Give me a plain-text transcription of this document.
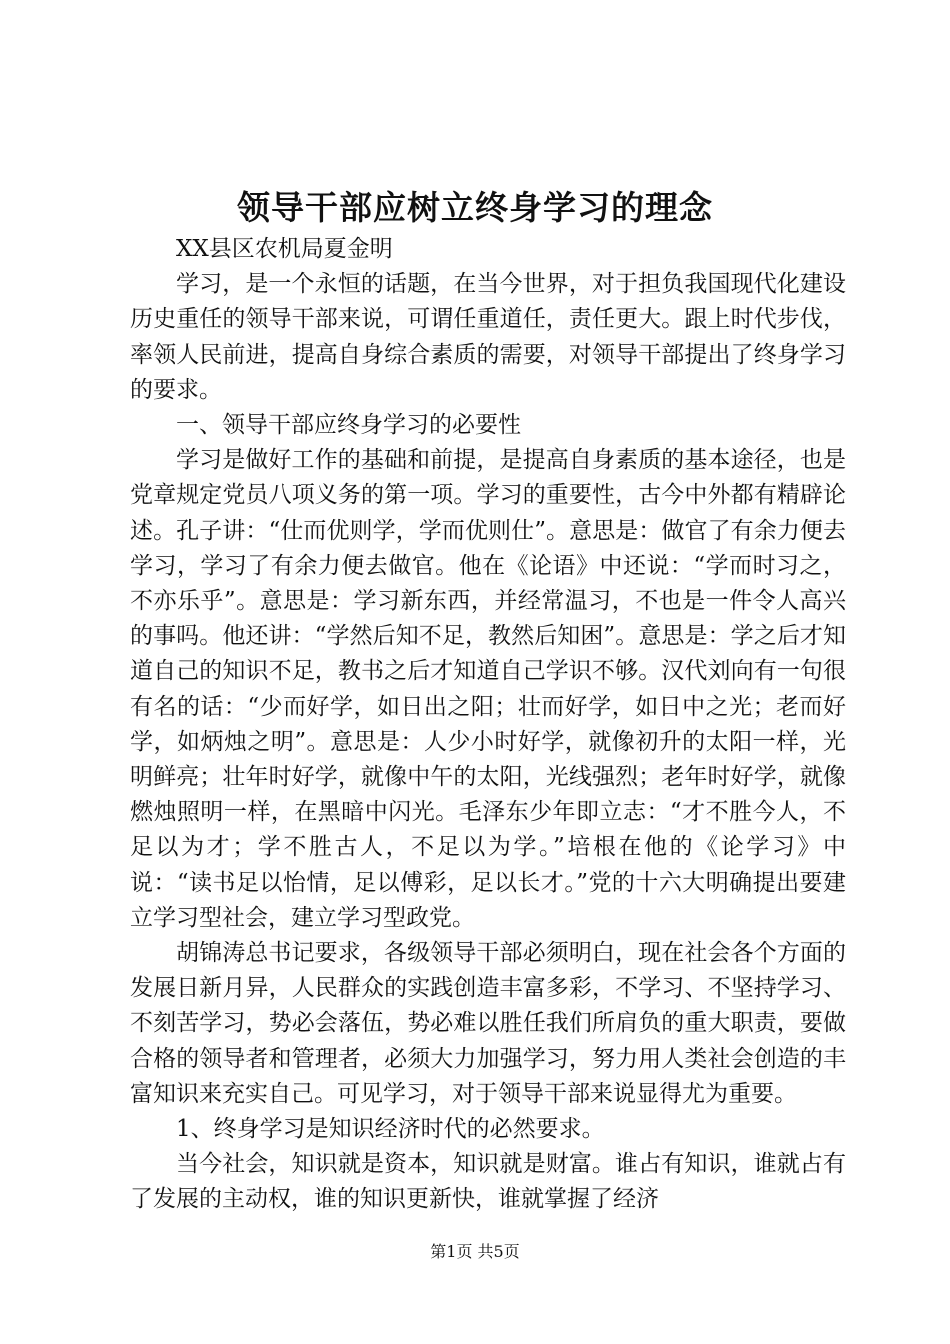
领导干部应树立终身学习的理念

XX县区农机局夏金明

学习，是一个永恒的话题，在当今世界，对于担负我国现代化建设历史重任的领导干部来说，可谓任重道任，责任更大。跟上时代步伐，率领人民前进，提高自身综合素质的需要，对领导干部提出了终身学习的要求。

一、领导干部应终身学习的必要性

学习是做好工作的基础和前提，是提高自身素质的基本途径，也是党章规定党员八项义务的第一项。学习的重要性，古今中外都有精辟论述。孔子讲：“仕而优则学，学而优则仕”。意思是：做官了有余力便去学习，学习了有余力便去做官。他在《论语》中还说：“学而时习之，不亦乐乎”。意思是：学习新东西，并经常温习，不也是一件令人高兴的事吗。他还讲：“学然后知不足，教然后知困”。意思是：学之后才知道自己的知识不足，教书之后才知道自己学识不够。汉代刘向有一句很有名的话：“少而好学，如日出之阳；壮而好学，如日中之光；老而好学，如炳烛之明”。意思是：人少小时好学，就像初升的太阳一样，光明鲜亮；壮年时好学，就像中午的太阳，光线强烈；老年时好学，就像燃烛照明一样，在黑暗中闪光。毛泽东少年即立志：“才不胜今人，不足以为才；学不胜古人，不足以为学。”培根在他的《论学习》中说：“读书足以怡情，足以傅彩，足以长才。”党的十六大明确提出要建立学习型社会，建立学习型政党。

胡锦涛总书记要求，各级领导干部必须明白，现在社会各个方面的发展日新月异，人民群众的实践创造丰富多彩，不学习、不坚持学习、不刻苦学习，势必会落伍，势必难以胜任我们所肩负的重大职责，要做合格的领导者和管理者，必须大力加强学习，努力用人类社会创造的丰富知识来充实自己。可见学习，对于领导干部来说显得尤为重要。

1、终身学习是知识经济时代的必然要求。

当今社会，知识就是资本，知识就是财富。谁占有知识，谁就占有了发展的主动权，谁的知识更新快，谁就掌握了经济

第1页 共5页
